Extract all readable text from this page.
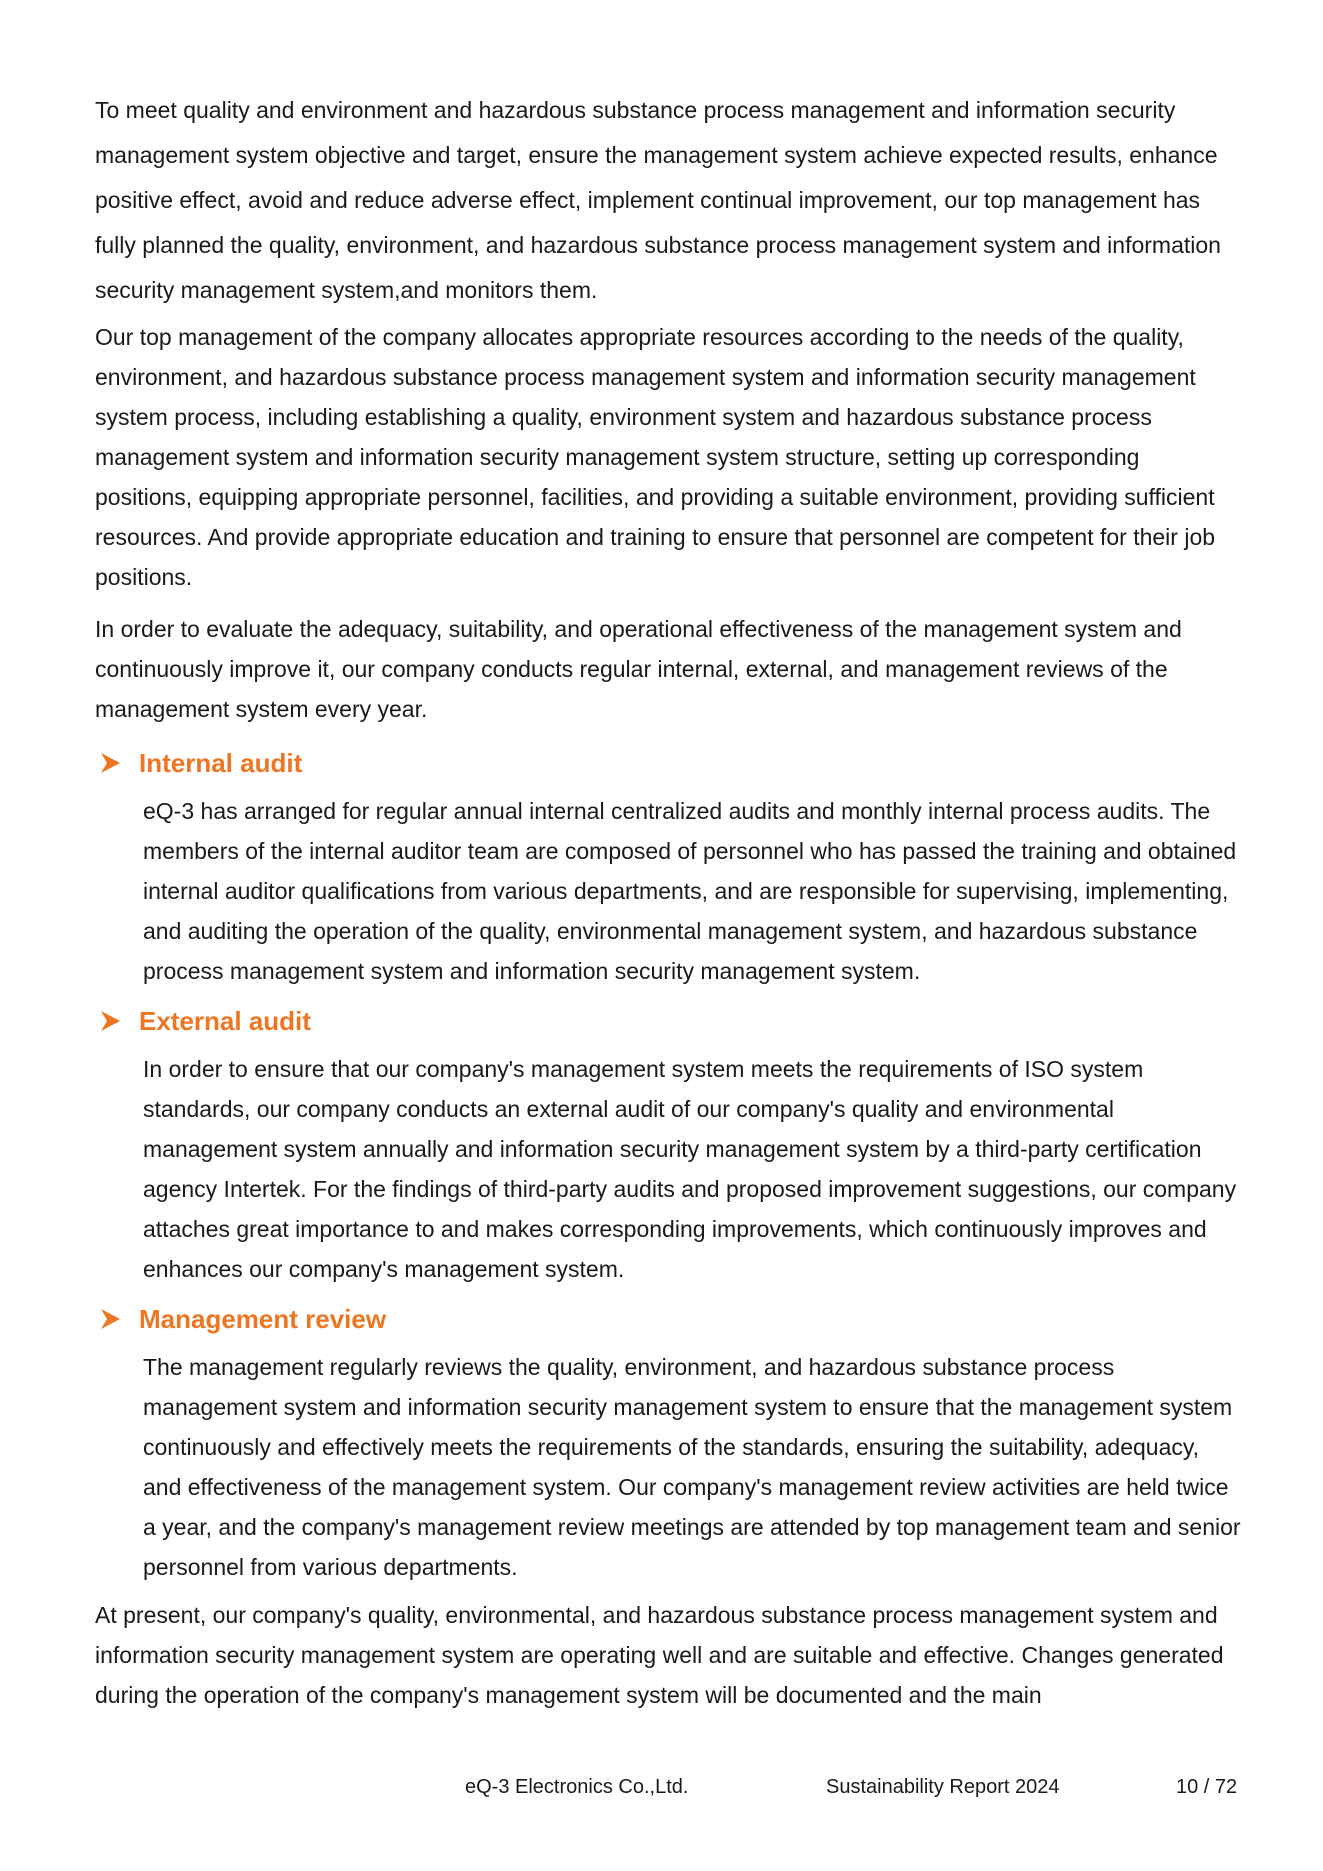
To meet quality and environment and hazardous substance process management and information security management system objective and target, ensure the management system achieve expected results, enhance positive effect, avoid and reduce adverse effect, implement continual improvement, our top management has fully planned the quality, environment, and hazardous substance process management system and information security management system,and monitors them.

Our top management of the company allocates appropriate resources according to the needs of the quality, environment, and hazardous substance process management system and information security management system process, including establishing a quality, environment system and hazardous substance process management system and information security management system structure, setting up corresponding positions, equipping appropriate personnel, facilities, and providing a suitable environment, providing sufficient resources. And provide appropriate education and training to ensure that personnel are competent for their job positions.

In order to evaluate the adequacy, suitability, and operational effectiveness of the management system and continuously improve it, our company conducts regular internal, external, and management reviews of the management system every year.

Internal audit

eQ-3 has arranged for regular annual internal centralized audits and monthly internal process audits. The members of the internal auditor team are composed of personnel who has passed the training and obtained internal auditor qualifications from various departments, and are responsible for supervising, implementing, and auditing the operation of the quality, environmental management system, and hazardous substance process management system and information security management system.

External audit

In order to ensure that our company's management system meets the requirements of ISO system standards, our company conducts an external audit of our company's quality and environmental management system annually and information security management system by a third-party certification agency Intertek. For the findings of third-party audits and proposed improvement suggestions, our company attaches great importance to and makes corresponding improvements, which continuously improves and enhances our company's management system.

Management review

The management regularly reviews the quality, environment, and hazardous substance process management system and information security management system to ensure that the management system continuously and effectively meets the requirements of the standards, ensuring the suitability, adequacy, and effectiveness of the management system. Our company's management review activities are held twice a year, and the company's management review meetings are attended by top management team and senior personnel from various departments.

At present, our company's quality, environmental, and hazardous substance process management system and information security management system are operating well and are suitable and effective. Changes generated during the operation of the company's management system will be documented and the main

eQ-3 Electronics Co.,Ltd.	Sustainability Report 2024	10 / 72
